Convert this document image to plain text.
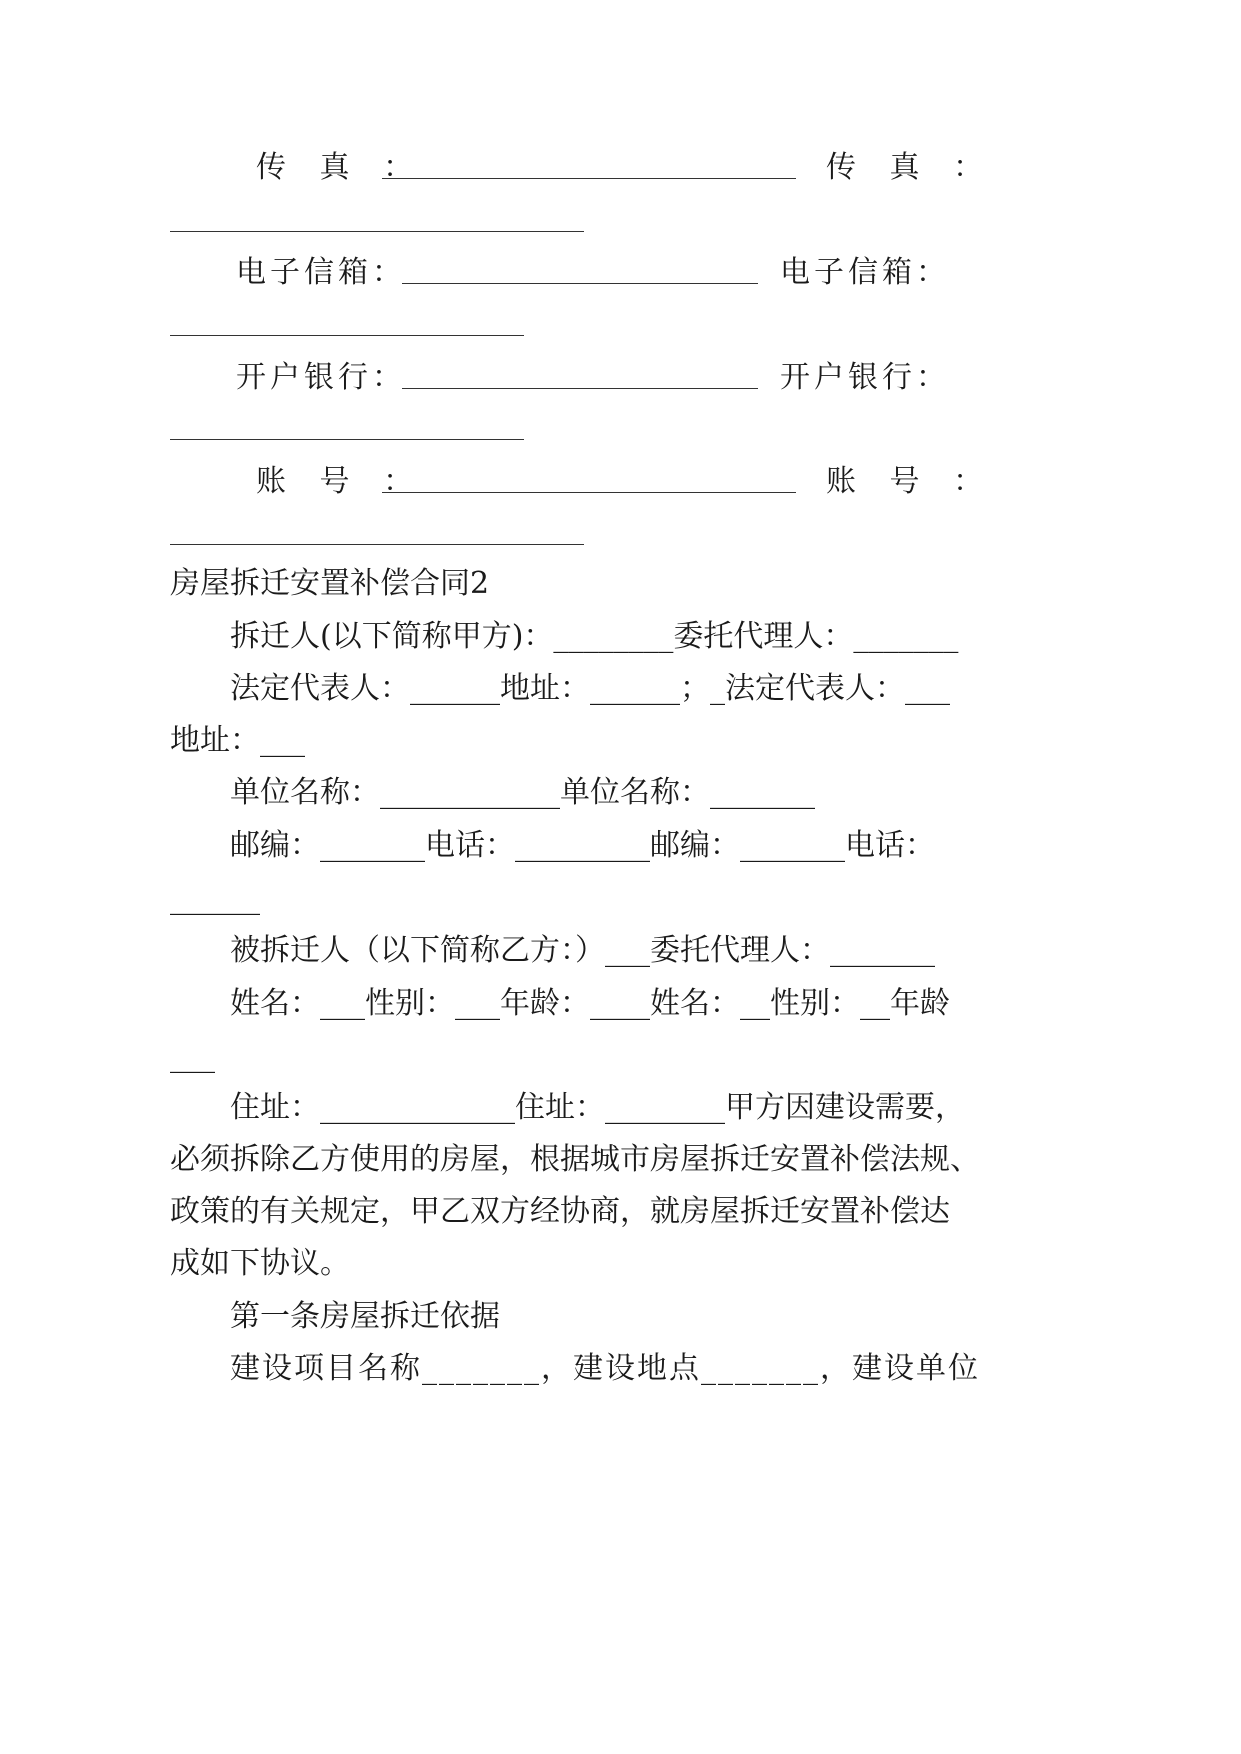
传 真 ：	传 真 ：
电子信箱：	电子信箱：
开户银行：	开户银行：
账 号 ：	账 号 ：
房屋拆迁安置补偿合同2
拆迁人(以下简称甲方)：________委托代理人：_______
法定代表人：______地址：______；_法定代表人：___
地址：___
单位名称：____________单位名称：_______
邮编：_______电话：_________邮编：_______电话：
______
被拆迁人（以下简称乙方：）___委托代理人：_______
姓名：___性别：___年龄：____姓名：__性别：__年龄
___
住址：_____________住址：________甲方因建设需要，
必须拆除乙方使用的房屋，根据城市房屋拆迁安置补偿法规、
政策的有关规定，甲乙双方经协商，就房屋拆迁安置补偿达
成如下协议。
第一条房屋拆迁依据
建设项目名称_______，建设地点_______，建设单位
